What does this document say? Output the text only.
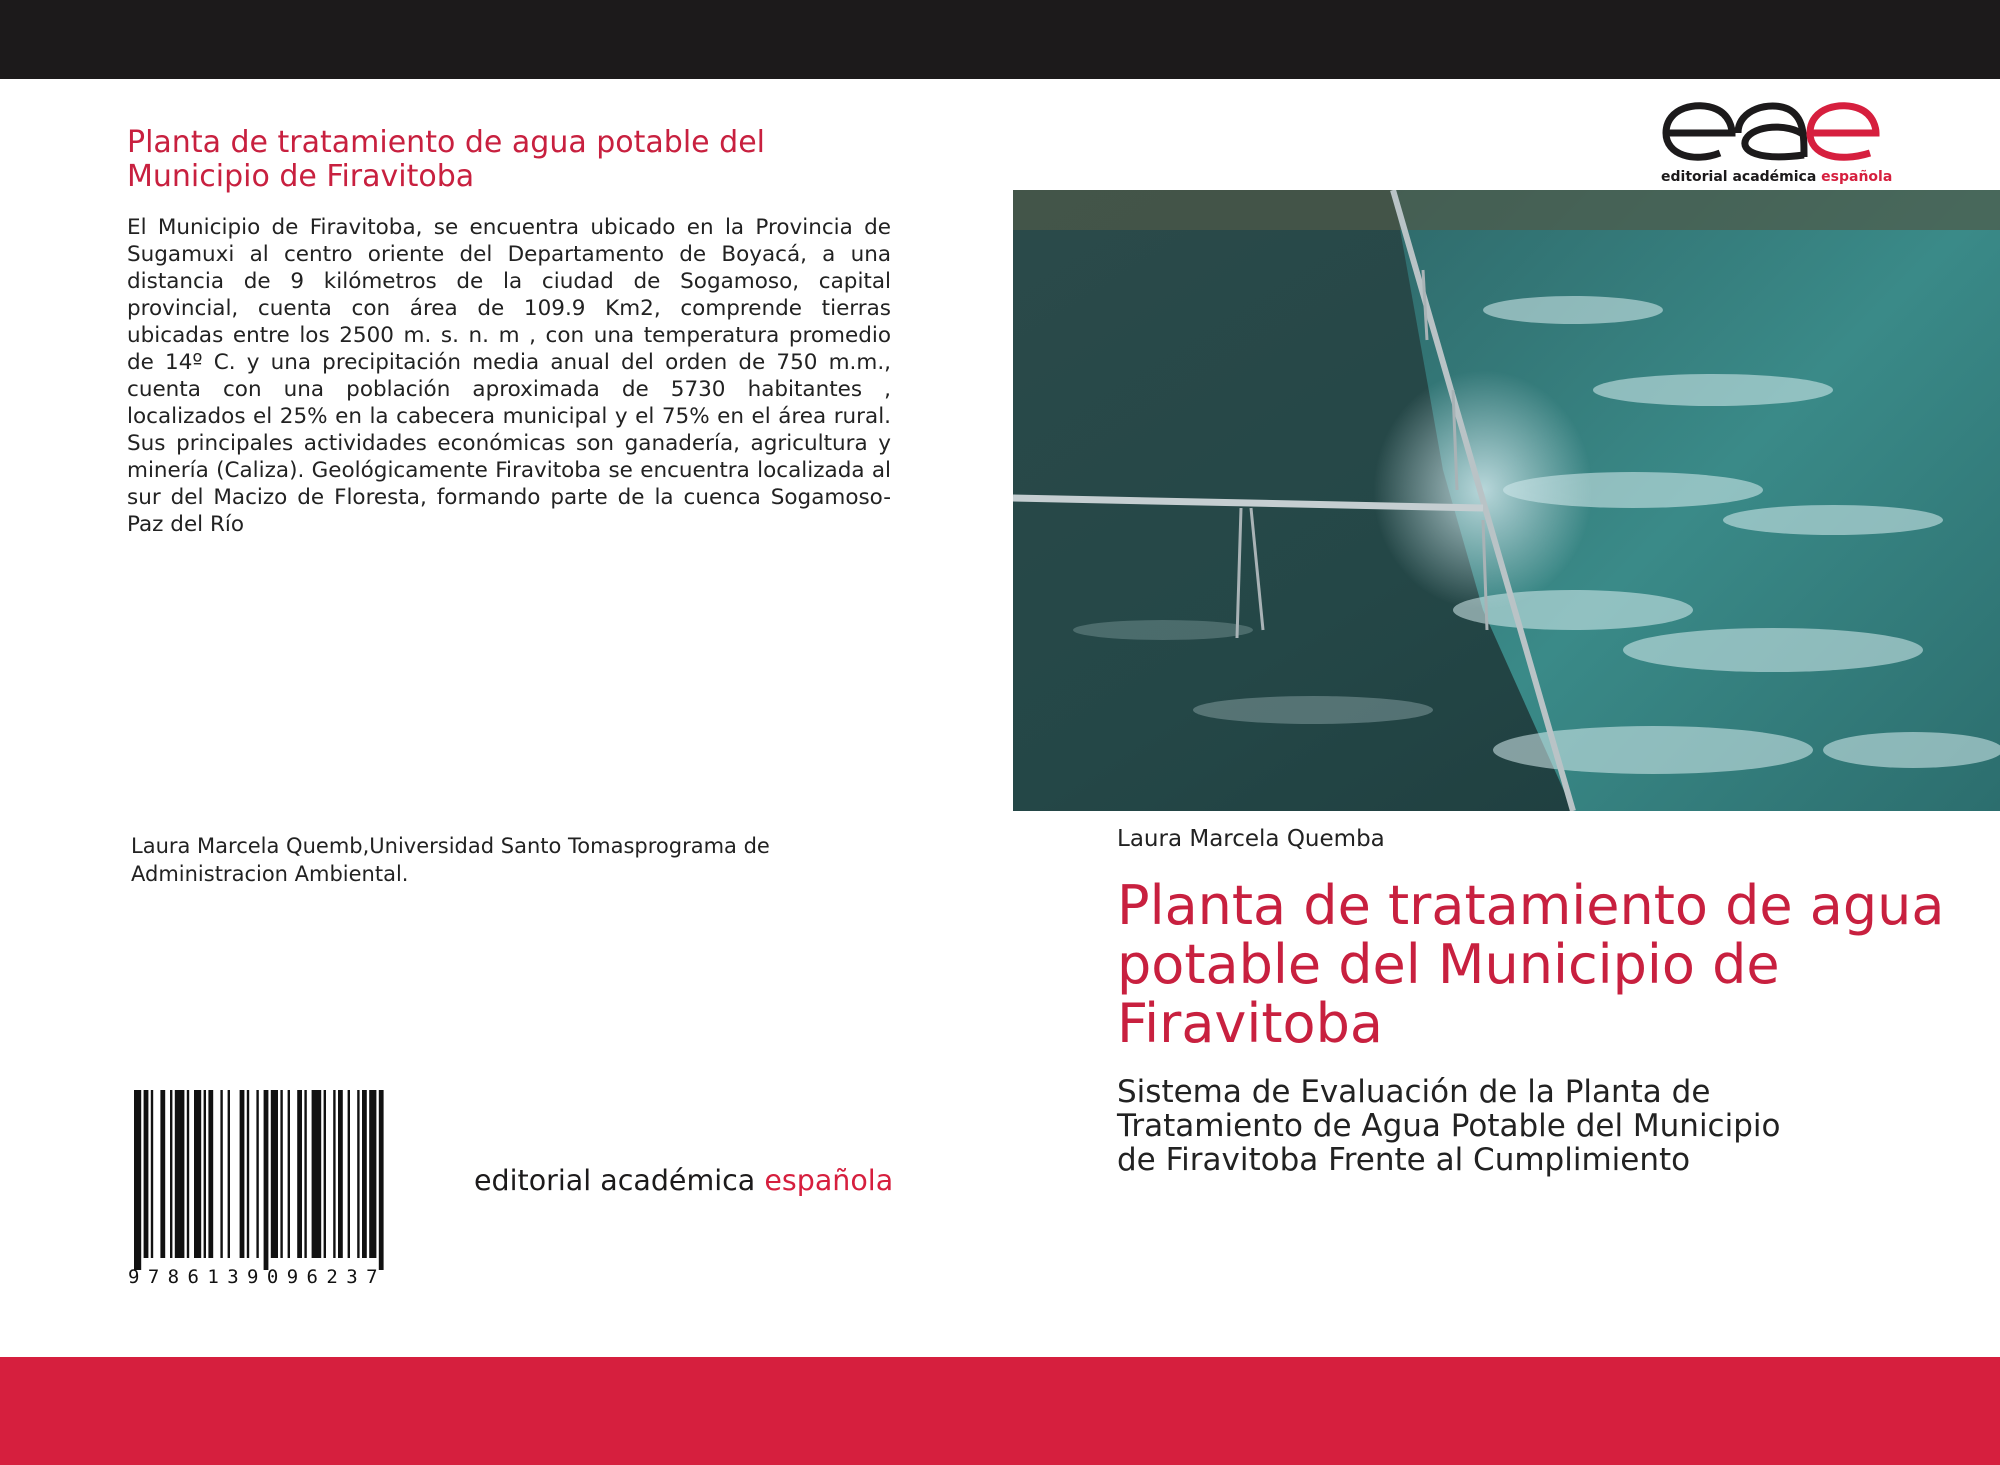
Planta de tratamiento de agua potable del Municipio de Firavitoba
El Municipio de Firavitoba, se encuentra ubicado en la Provincia de Sugamuxi al centro oriente del Departamento de Boyacá, a una distancia de 9 kilómetros de la ciudad de Sogamoso, capital provincial, cuenta con área de 109.9 Km2, comprende tierras ubicadas entre los 2500 m. s. n. m , con una temperatura promedio de 14º C. y una precipitación media anual del orden de 750 m.m., cuenta con una población aproximada de 5730 habitantes , localizados el 25% en la cabecera municipal y el 75% en el área rural. Sus principales actividades económicas son ganadería, agricultura y minería (Caliza). Geológicamente Firavitoba se encuentra localizada al sur del Macizo de Floresta, formando parte de la cuenca Sogamoso-Paz del Río
Laura Marcela Quemb,Universidad Santo Tomasprograma de Administracion Ambiental.
9786139096237
editorial académica española
editorial académica española
Laura Marcela Quemba
Planta de tratamiento de agua potable del Municipio de Firavitoba
Sistema de Evaluación de la Planta de Tratamiento de Agua Potable del Municipio de Firavitoba Frente al Cumplimiento
